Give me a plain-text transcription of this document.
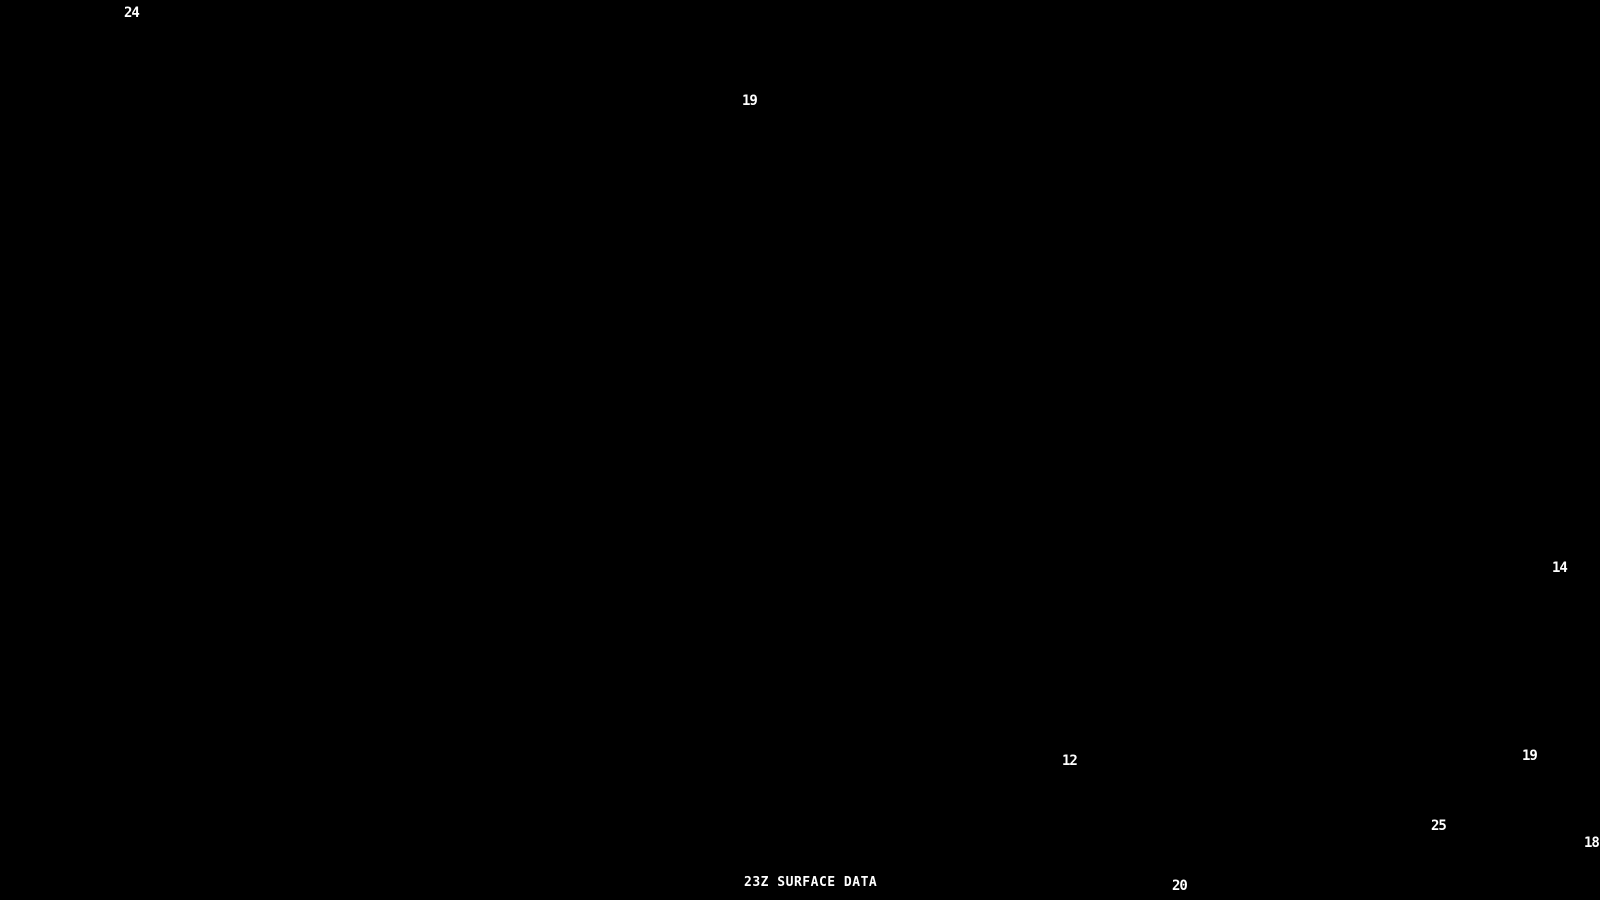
24
19
14
12	19
25
18
20
23Z SURFACE DATA
